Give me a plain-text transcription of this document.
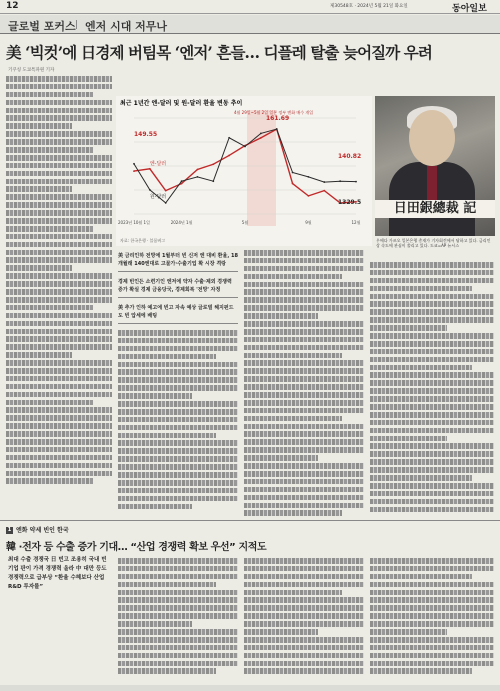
12	제30548호 · 2024년 5월 21일 화요일	동아일보
글로벌 포커스 엔저 시대 저무나
美 ‘빅컷’에 日경제 버팀목 ‘엔저’ 흔들… 디플레 탈출 늦어질까 우려
기쿠칭 도쿄특파원 기자
최근 1년간 엔-달러 및 원-달러 환율 변동 추이
엔-달러
원-달러
149.55
161.69
140.82
1329.5
4월 29일~5월 2일 일본 정부 엔화 매수 개입
2023년 10월 1일	2024년 1월	5월	9월	12월
자료: 한국은행 · 블룸버그
日田銀總裁 記
우에다 가즈오 일본은행 총재가 기자회견에서 답하고 있다. 금리인상 속도에 관심이 쏠리고 있다. 도쿄=AP 뉴시스
美 금리인하 전망에 1월부터 빈 신저 엔 대비 환율, 18개월래 140엔대로 고물가·수출기업 확 시장 격랑
경제 빈인든 소련기인 엔저에 약자 수출·제외 경쟁력 증가 확실 경제 금융당국, 경제회복 '전망' 자정
美 추가 인하 예고에 빈고 자속 예상 글로벌 헤지펀드도 빈 압세에 배팅
1 엔화 약세 빈인 한국
韓 ·전자 등 수출 증가 기대… “산업 경쟁력 확보 우선” 지적도
최대 수출 경쟁국 日 빈고 조용히 국내 빈기업 판이 가격 경쟁력 올라 中 대만 등도 경쟁력으로 급부상 “환율 수혜보다 산업 R&D 투자를”
